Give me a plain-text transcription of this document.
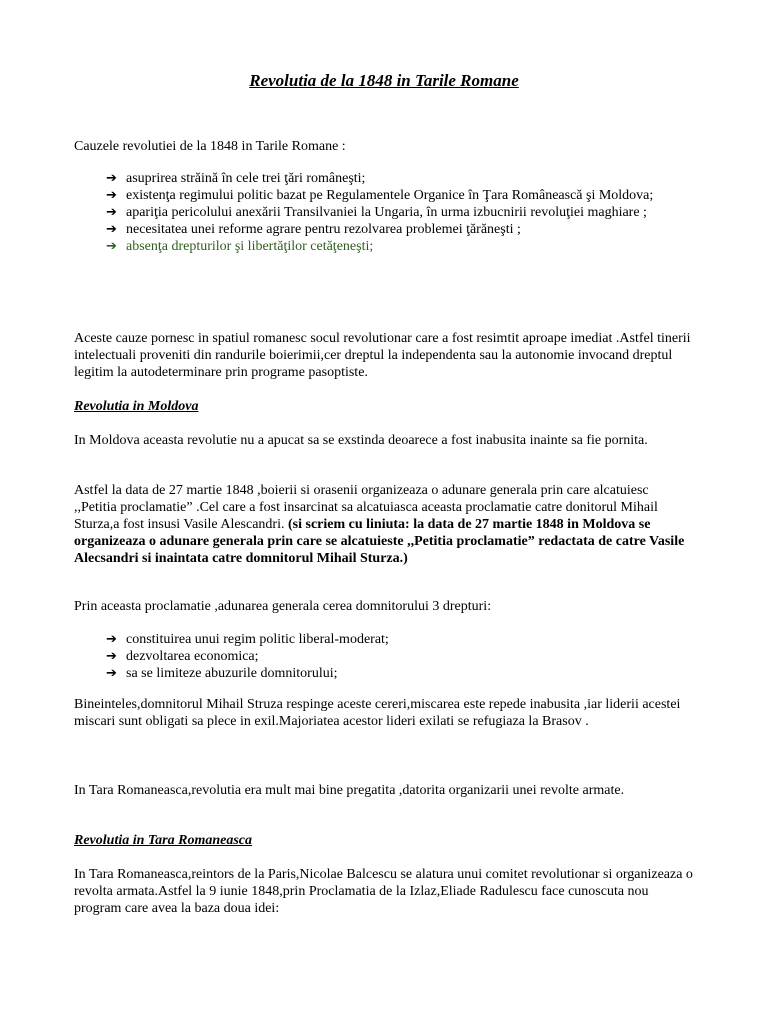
Revolutia de la 1848 in Tarile Romane
Cauzele revolutiei de la 1848 in Tarile Romane :
➔ asuprirea străină în cele trei ţări româneşti;
➔ existenţa regimului politic bazat pe Regulamentele Organice în Ţara Românească şi Moldova;
➔ apariţia pericolului anexării Transilvaniei la Ungaria, în urma izbucnirii revoluţiei maghiare ;
➔ necesitatea unei reforme agrare pentru rezolvarea problemei ţărăneşti ;
➔ absenţa drepturilor şi libertăţilor cetăţeneşti;
Aceste cauze pornesc in spatiul romanesc socul revolutionar care a fost resimtit aproape imediat .Astfel tinerii intelectuali proveniti din randurile boierimii,cer dreptul la independenta sau la autonomie invocand dreptul legitim la autodeterminare prin programe pasoptiste.
Revolutia in Moldova
In Moldova aceasta revolutie nu a apucat sa se exstinda deoarece a fost inabusita inainte sa fie pornita.
Astfel la data de 27 martie 1848 ,boierii si orasenii organizeaza o adunare generala prin care alcatuiesc ,,Petitia proclamatie” .Cel care a fost insarcinat sa alcatuiasca aceasta proclamatie catre donitorul Mihail Sturza,a fost insusi Vasile Alescandri. (si scriem cu liniuta: la data de 27 martie 1848 in Moldova se organizeaza o adunare generala prin care se alcatuieste ,,Petitia proclamatie” redactata de catre Vasile Alecsandri si inaintata catre domnitorul Mihail Sturza.)
Prin aceasta proclamatie ,adunarea generala cerea domnitorului 3 drepturi:
➔ constituirea unui regim politic liberal-moderat;
➔ dezvoltarea economica;
➔ sa se limiteze abuzurile domnitorului;
Bineinteles,domnitorul Mihail Struza respinge aceste cereri,miscarea este repede inabusita ,iar liderii acestei miscari sunt obligati sa plece in exil.Majoriatea acestor lideri exilati se refugiaza la Brasov .
In Tara Romaneasca,revolutia era mult mai bine pregatita ,datorita organizarii unei revolte armate.
Revolutia in Tara Romaneasca
In Tara Romaneasca,reintors de la Paris,Nicolae Balcescu se alatura unui comitet revolutionar si organizeaza o revolta armata.Astfel la 9 iunie 1848,prin Proclamatia de la Izlaz,Eliade Radulescu face cunoscuta nou program care avea la baza doua idei:
